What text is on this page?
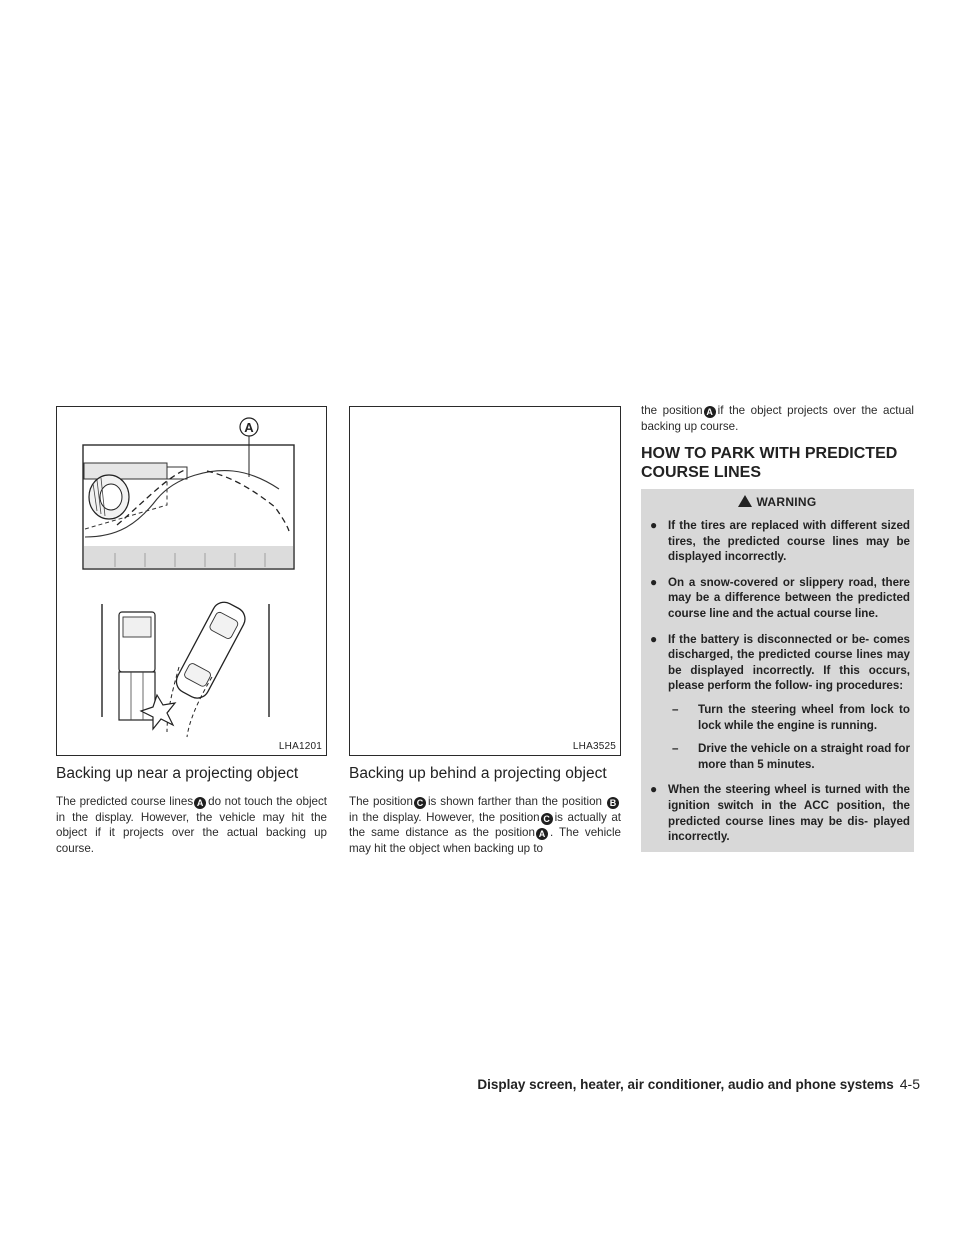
A
LHA1201	LHA3525
Backing up near a projecting object

The predicted course lines A do not touch the object in the display. However, the vehicle may hit the object if it projects over the actual backing up course.

Backing up behind a projecting object

The position C is shown farther than the position Bin the display. However, the position C is actually at the same distance as the position A . The vehicle may hit the object when backing up to

the position A if the object projects over the actual backing up course.

HOW TO PARK WITH PREDICTED COURSE LINES
WARNING
● If the tires are replaced with different sized tires, the predicted course lines may be displayed incorrectly.
● On a snow-covered or slippery road, there may be a difference between the predicted course line and the actual course line.
● If the battery is disconnected or be- comes discharged, the predicted course lines may be displayed incorrectly. If this occurs, please perform the follow- ing procedures:
– Turn the steering wheel from lock to lock while the engine is running.
– Drive the vehicle on a straight road for more than 5 minutes.
● When the steering wheel is turned with the ignition switch in the ACC position, the predicted course lines may be dis- played incorrectly.
Display screen, heater, air conditioner, audio and phone systems 4-5
